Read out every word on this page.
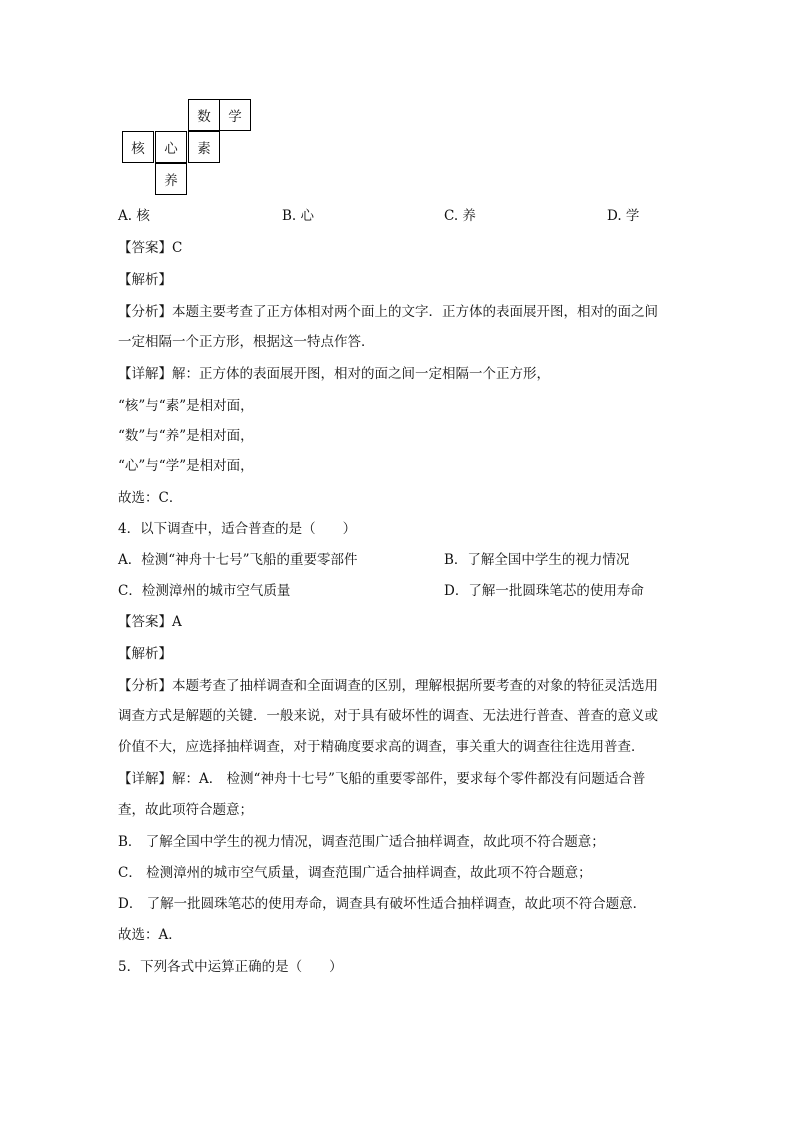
数	学
核	心	素
养
A. 核	B. 心	C. 养	D. 学
【答案】C
【解析】
【分析】本题主要考查了正方体相对两个面上的文字．正方体的表面展开图，相对的面之间
一定相隔一个正方形，根据这一特点作答．
【详解】解：正方体的表面展开图，相对的面之间一定相隔一个正方形，
“核”与“素”是相对面，
“数”与“养”是相对面，
“心”与“学”是相对面，
故选：C．
4．以下调查中，适合普查的是（　　）
A．检测“神舟十七号”飞船的重要零部件	B．了解全国中学生的视力情况
C．检测漳州的城市空气质量	D．了解一批圆珠笔芯的使用寿命
【答案】A
【解析】
【分析】本题考查了抽样调查和全面调查的区别，理解根据所要考查的对象的特征灵活选用
调查方式是解题的关键．一般来说，对于具有破坏性的调查、无法进行普查、普查的意义或
价值不大，应选择抽样调查，对于精确度要求高的调查，事关重大的调查往往选用普查．
【详解】解：A． 检测“神舟十七号”飞船的重要零部件，要求每个零件都没有问题适合普
查，故此项符合题意；
B． 了解全国中学生的视力情况，调查范围广适合抽样调查，故此项不符合题意；
C． 检测漳州的城市空气质量，调查范围广适合抽样调查，故此项不符合题意；
D． 了解一批圆珠笔芯的使用寿命，调查具有破坏性适合抽样调查，故此项不符合题意．
故选：A．
5．下列各式中运算正确的是（　　）
